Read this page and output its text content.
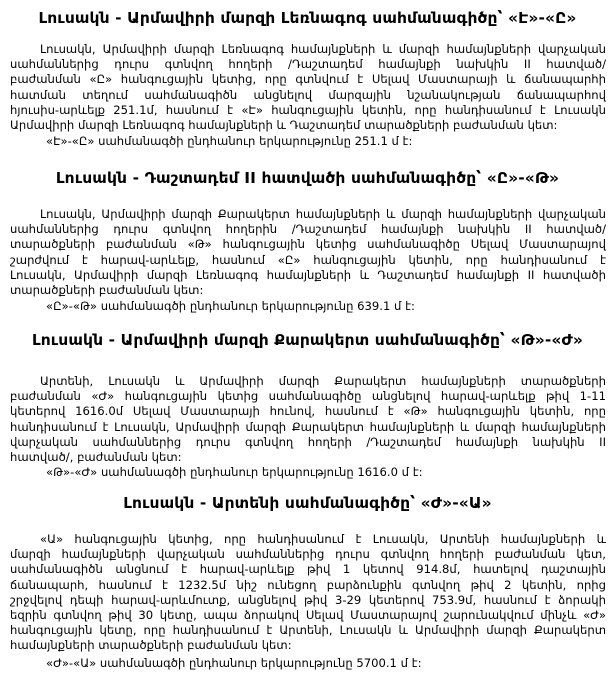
Լուսակն - Արմավիրի մարզի Լեռնագոգ սահմանագիծը՝ «Է»-«Ը»
Լուսակն, Արմավիրի մարզի Լեռնագոգ համայնքների և մարզի համայնքների վարչական
սահմաններից դուրս գտնվող հողերի /Դաշտադեմ համայնքի նախկին II հատված/
բաժանման «Ը» հանգուցային կետից, որը գտնվում է Սելավ Մաստարայի և ճանապարհի
հատման տեղում սահմանագիծն անցնելով մարզային նշանակության ճանապարհով
հյուսիս-արևելք 251.1մ, հասնում է «Է» հանգուցային կետին, որը հանդիսանում է Լուսակն
Արմավիրի մարզի Լեռնագոգ համայնքների և Դաշտադեմ տարածքների բաժանման կետ:
«Է»-«Ը» սահմանագծի ընդհանուր երկարությունը 251.1 մ է:
Լուսակն - Դաշտադեմ II հատվածի սահմանագիծը՝ «Ը»-«Թ»
Լուսակն, Արմավիրի մարզի Քարակերտ համայնքների և մարզի համայնքների վարչական
սահմաններից դուրս գտնվող հողերին /Դաշտադեմ համայնքի նախկին II հատված/
տարածքների բաժանման «Թ» հանգուցային կետից սահմանագիծը Սելավ Մաստարայով
շարժվում է հարավ-արևելք, հասնում «Ը» հանգուցային կետին, որը հանդիսանում է
Լուսակն, Արմավիրի մարզի Լեռնագոգ համայնքների և Դաշտադեմ համայնքի II հատվածի
տարածքների բաժանման կետ:
«Ը»-«Թ» սահմանագծի ընդհանուր երկարությունը 639.1 մ է:
Լուսակն - Արմավիրի մարզի Քարակերտ սահմանագիծը՝ «Թ»-«Ժ»
Արտենի, Լուսակն և Արմավիրի մարզի Քարակերտ համայնքների տարածքների
բաժանման «Ժ» հանգուցային կետից սահմանագիծը անցնելով հարավ-արևելք թիվ 1-11
կետերով 1616.0մ Սելավ Մաստարայի հունով, հասնում է «Թ» հանգուցային կետին, որը
հանդիսանում է Լուսակն, Արմավիրի մարզի Քարակերտ համայնքների և մարզի համայնքների
վարչական սահմաններից դուրս գտնվող հողերի /Դաշտադեմ համայնքի նախկին II
հատված/, բաժանման կետ:
«Թ»-«Ժ» սահմանագծի ընդհանուր երկարությունը 1616.0 մ է:
Լուսակն - Արտենի սահմանագիծը՝ «Ժ»-«Ա»
«Ա» հանգուցային կետից, որը հանդիսանում է Լուսակն, Արտենի համայնքների և
մարզի համայնքների վարչական սահմաններից դուրս գտնվող հողերի բաժանման կետ,
սահմանագիծն անցնում է հարավ-արևելք թիվ 1 կետով 914.8մ, հատելով դաշտային
ճանապարհ, հասնում է 1232.5մ նիշ ունեցող բարձունքին գտնվող թիվ 2 կետին, որից
շրջվելով դեպի հարավ-արևմուտք, անցնելով թիվ 3-29 կետերով 753.9մ, հասնում է ձորակի
եզրին գտնվող թիվ 30 կետը, ապա ձորակով Սելավ Մաստարայով շարունակվում մինչև «Ժ»
հանգուցային կետը, որը հանդիսանում է Արտենի, Լուսակն և Արմավիրի մարզի Քարակերտ
համայնքների տարածքների բաժանման կետ:
«Ժ»-«Ա» սահմանագծի ընդհանուր երկարությունը 5700.1 մ է:
